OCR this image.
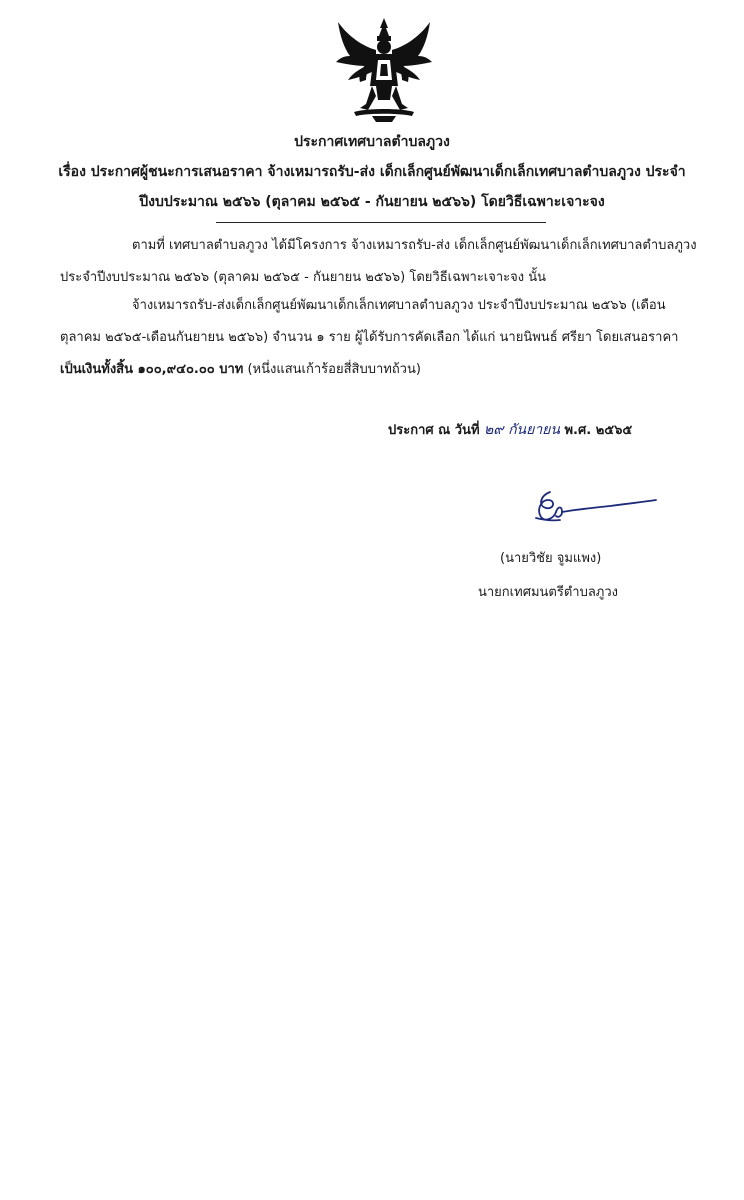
ประกาศเทศบาลตำบลภูวง
เรื่อง ประกาศผู้ชนะการเสนอราคา จ้างเหมารถรับ-ส่ง เด็กเล็กศูนย์พัฒนาเด็กเล็กเทศบาลตำบลภูวง ประจำ
ปีงบประมาณ ๒๕๖๖ (ตุลาคม ๒๕๖๕ - กันยายน ๒๕๖๖) โดยวิธีเฉพาะเจาะจง
ตามที่ เทศบาลตำบลภูวง ได้มีโครงการ จ้างเหมารถรับ-ส่ง เด็กเล็กศูนย์พัฒนาเด็กเล็กเทศบาลตำบลภูวง
ประจำปีงบประมาณ ๒๕๖๖ (ตุลาคม ๒๕๖๕ - กันยายน ๒๕๖๖) โดยวิธีเฉพาะเจาะจง นั้น
จ้างเหมารถรับ-ส่งเด็กเล็กศูนย์พัฒนาเด็กเล็กเทศบาลตำบลภูวง ประจำปีงบประมาณ ๒๕๖๖ (เดือน
ตุลาคม ๒๕๖๕-เดือนกันยายน ๒๕๖๖) จำนวน ๑ ราย ผู้ได้รับการคัดเลือก ได้แก่ นายนิพนธ์ ศรียา โดยเสนอราคา
เป็นเงินทั้งสิ้น ๑๐๐,๙๔๐.๐๐ บาท (หนึ่งแสนเก้าร้อยสี่สิบบาทถ้วน)
ประกาศ ณ วันที่ ๒๙ กันยายน พ.ศ. ๒๕๖๕
(นายวิชัย จูมแพง)
นายกเทศมนตรีตำบลภูวง
